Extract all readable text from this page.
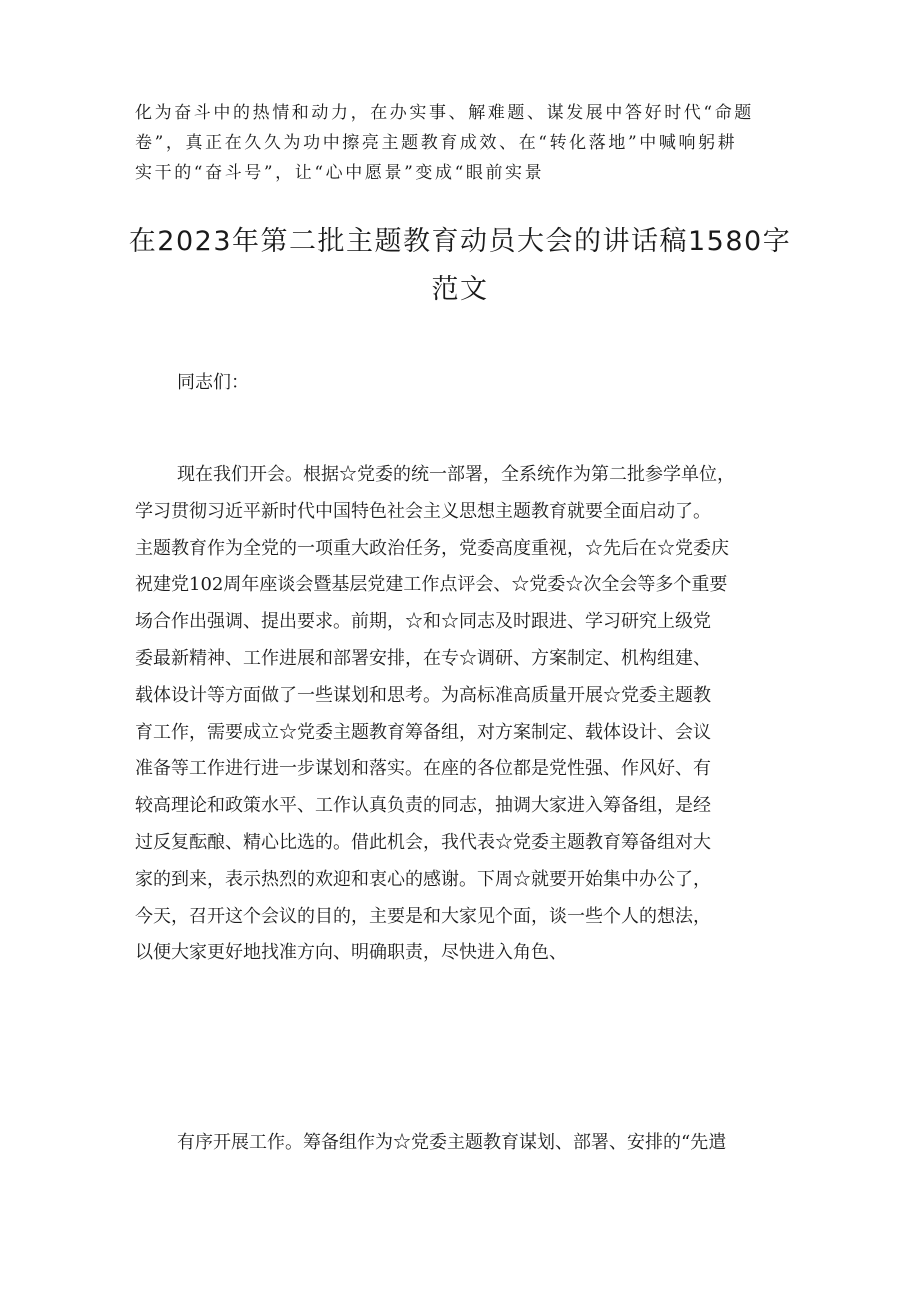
化为奋斗中的热情和动力，在办实事、解难题、谋发展中答好时代“命题

卷”，真正在久久为功中擦亮主题教育成效、在“转化落地”中喊响躬耕

实干的“奋斗号”，让“心中愿景”变成“眼前实景

在2023年第二批主题教育动员大会的讲话稿1580字

范文

同志们：

现在我们开会。根据☆党委的统一部署，全系统作为第二批参学单位，

学习贯彻习近平新时代中国特色社会主义思想主题教育就要全面启动了。

主题教育作为全党的一项重大政治任务，党委高度重视，☆先后在☆党委庆

祝建党102周年座谈会暨基层党建工作点评会、☆党委☆次全会等多个重要

场合作出强调、提出要求。前期，☆和☆同志及时跟进、学习研究上级党

委最新精神、工作进展和部署安排，在专☆调研、方案制定、机构组建、

载体设计等方面做了一些谋划和思考。为高标准高质量开展☆党委主题教

育工作，需要成立☆党委主题教育筹备组，对方案制定、载体设计、会议

准备等工作进行进一步谋划和落实。在座的各位都是党性强、作风好、有

较高理论和政策水平、工作认真负责的同志，抽调大家进入筹备组，是经

过反复酝酿、精心比选的。借此机会，我代表☆党委主题教育筹备组对大

家的到来，表示热烈的欢迎和衷心的感谢。下周☆就要开始集中办公了，

今天，召开这个会议的目的，主要是和大家见个面，谈一些个人的想法，

以便大家更好地找准方向、明确职责，尽快进入角色、

有序开展工作。筹备组作为☆党委主题教育谋划、部署、安排的“先遣
